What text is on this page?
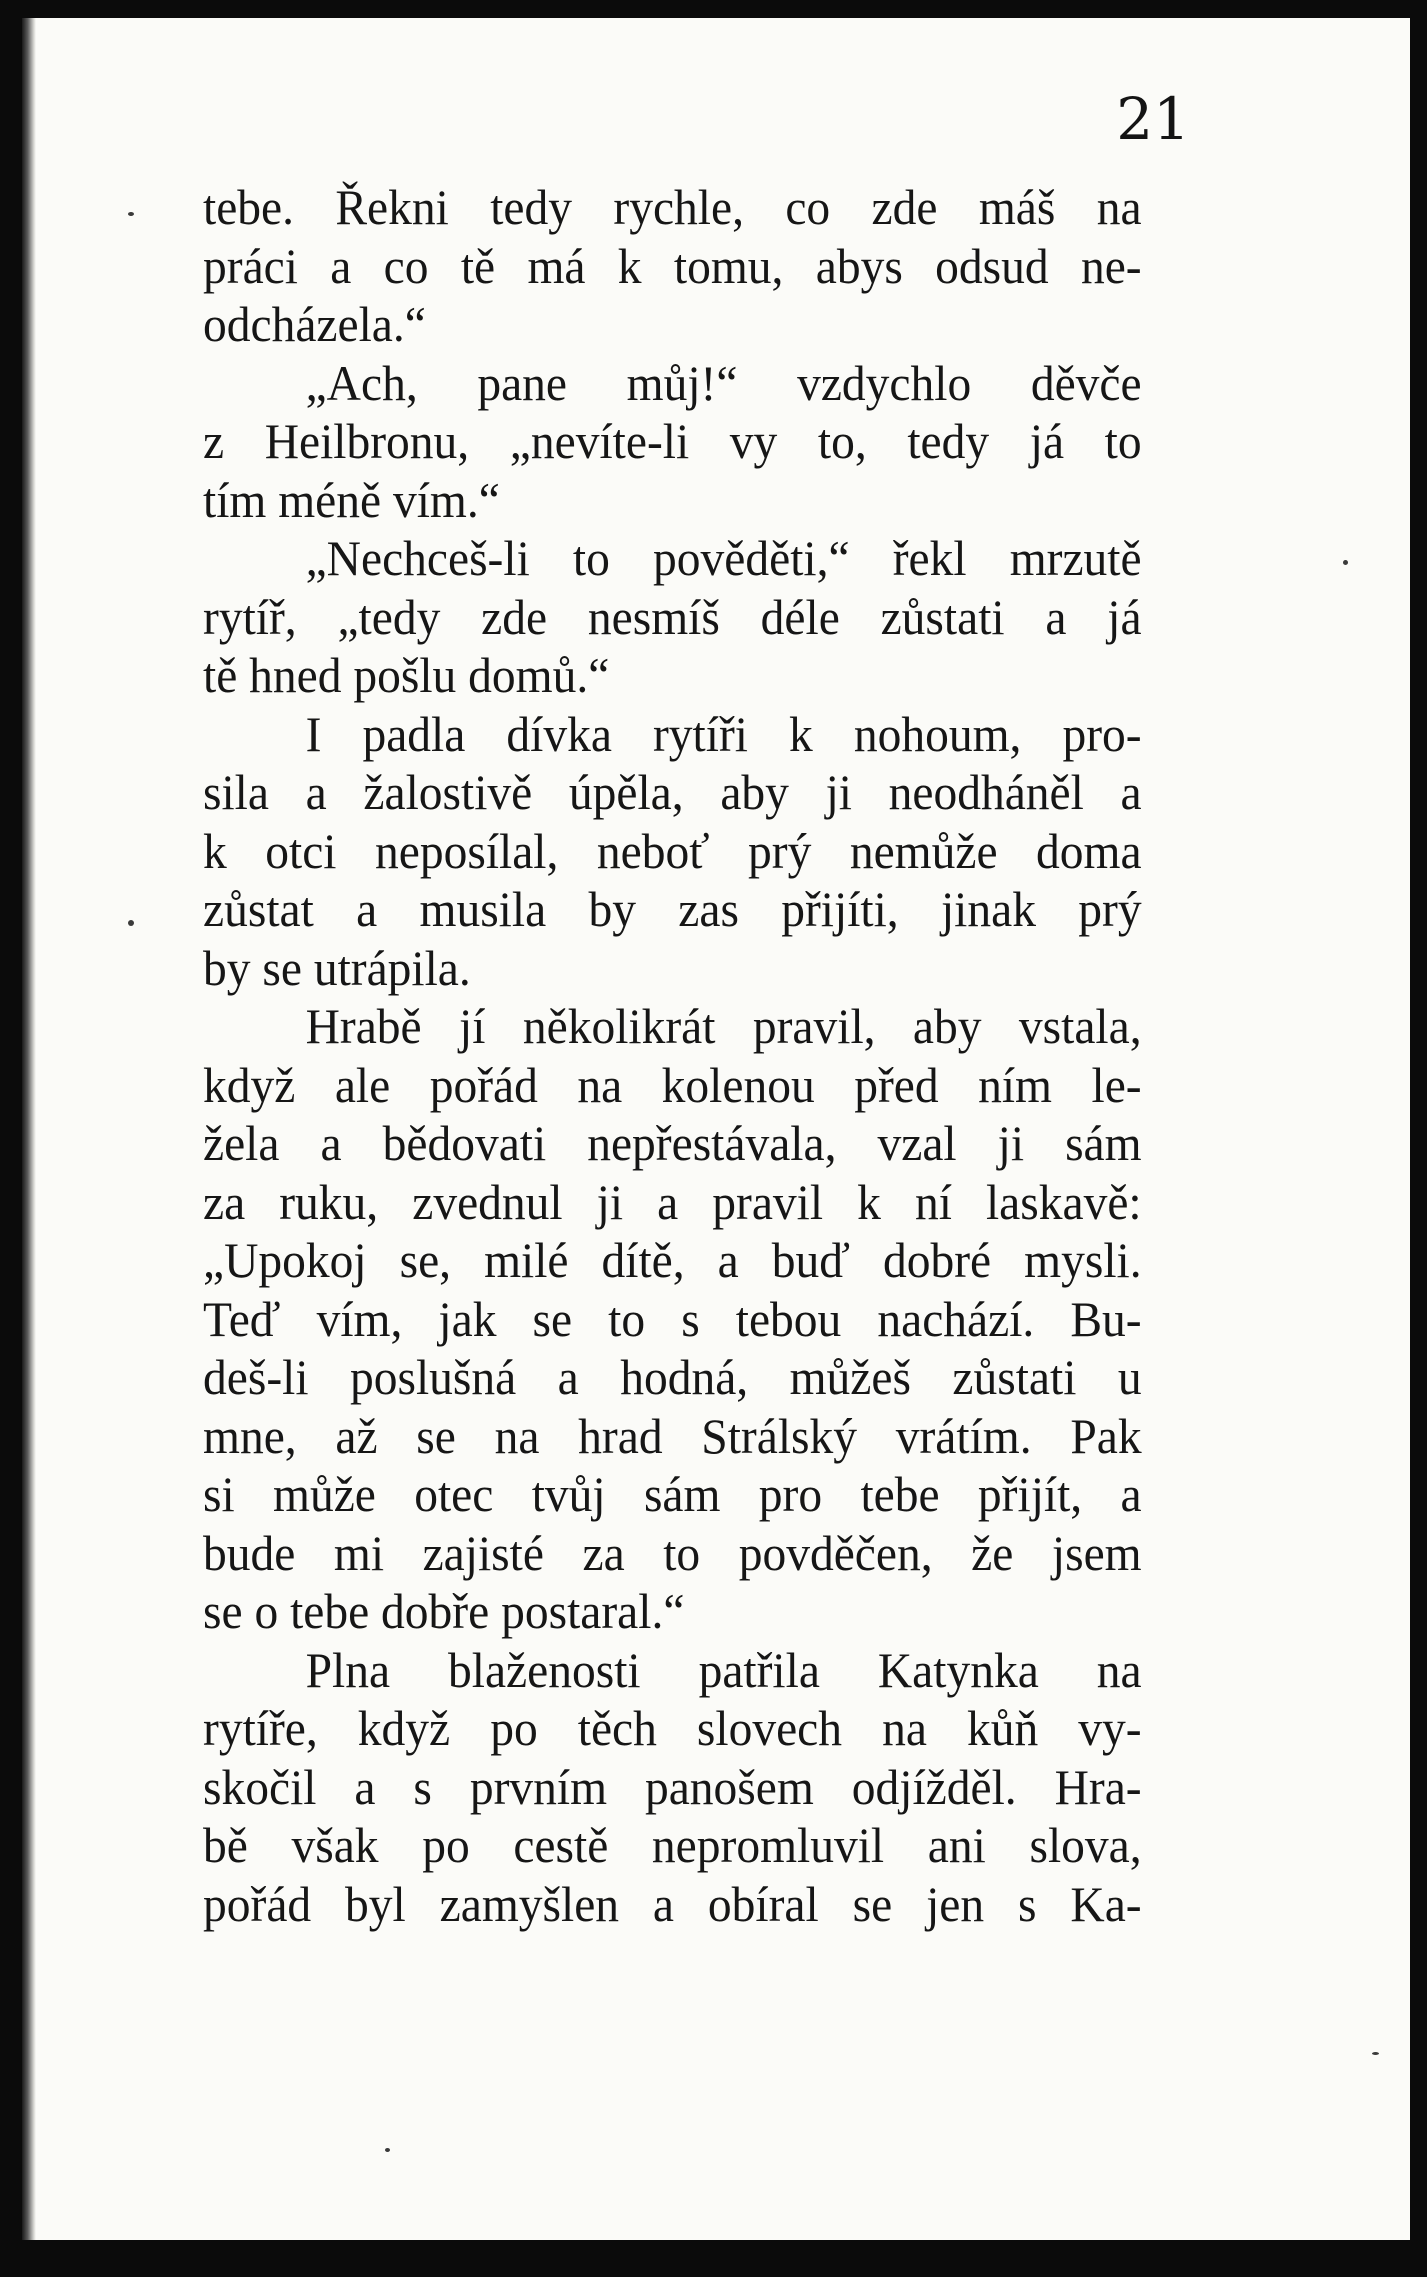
21
tebe. Řekni tedy rychle, co zde máš na
práci a co tě má k tomu, abys odsud ne-
odcházela.“
„Ach, pane můj!“ vzdychlo děvče
z Heilbronu, „nevíte-li vy to, tedy já to
tím méně vím.“
„Nechceš-li to pověděti,“ řekl mrzutě
rytíř, „tedy zde nesmíš déle zůstati a já
tě hned pošlu domů.“
I padla dívka rytíři k nohoum, pro-
sila a žalostivě úpěla, aby ji neodháněl a
k otci neposílal, neboť prý nemůže doma
zůstat a musila by zas přijíti, jinak prý
by se utrápila.
Hrabě jí několikrát pravil, aby vstala,
když ale pořád na kolenou před ním le-
žela a bědovati nepřestávala, vzal ji sám
za ruku, zvednul ji a pravil k ní laskavě:
„Upokoj se, milé dítě, a buď dobré mysli.
Teď vím, jak se to s tebou nachází. Bu-
deš-li poslušná a hodná, můžeš zůstati u
mne, až se na hrad Strálský vrátím. Pak
si může otec tvůj sám pro tebe přijít, a
bude mi zajisté za to povděčen, že jsem
se o tebe dobře postaral.“
Plna blaženosti patřila Katynka na
rytíře, když po těch slovech na kůň vy-
skočil a s prvním panošem odjížděl. Hra-
bě však po cestě nepromluvil ani slova,
pořád byl zamyšlen a obíral se jen s Ka-
